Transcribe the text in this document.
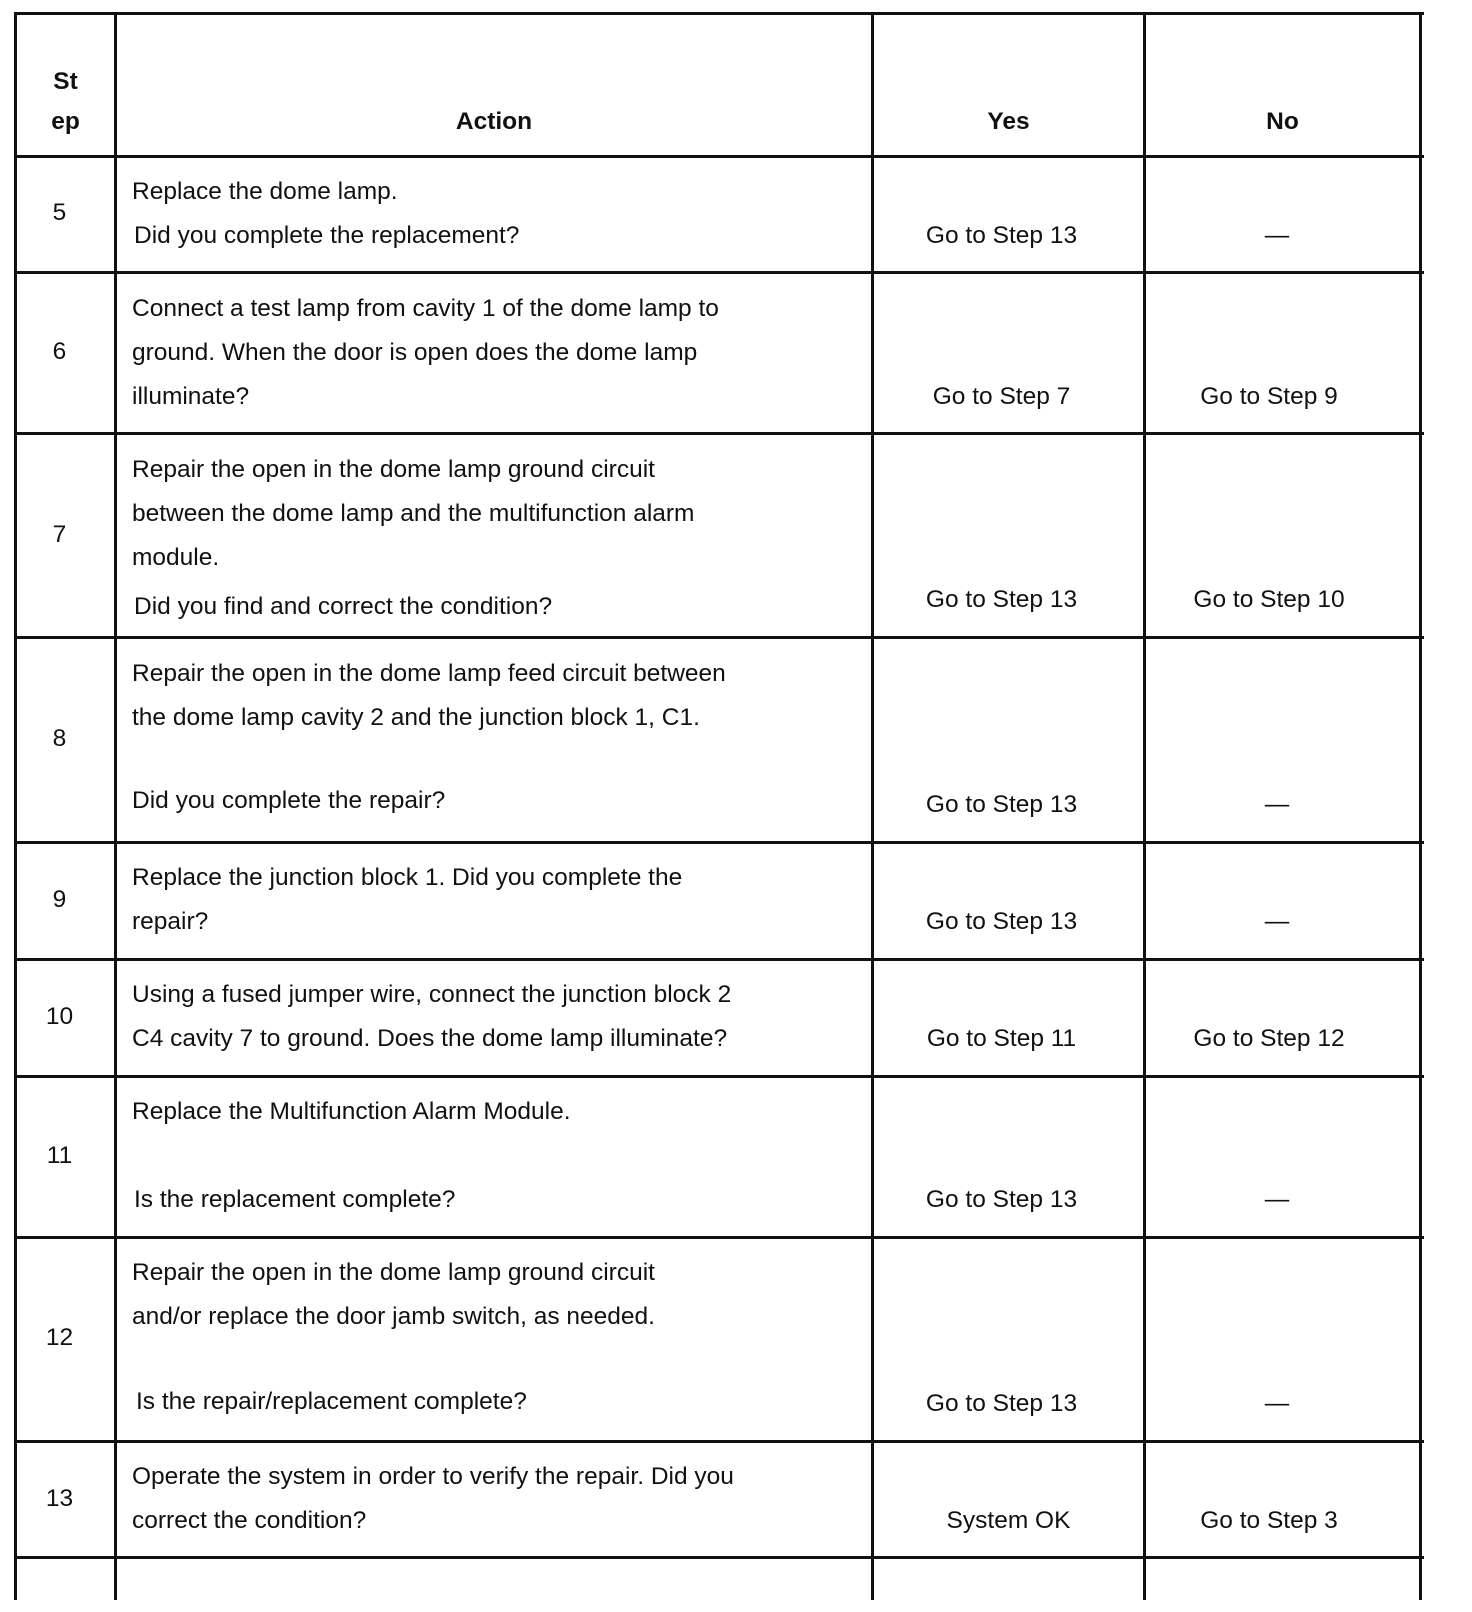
St
ep	Action	Yes	No
5
Replace the dome lamp.
Did you complete the replacement?	Go to Step 13	—
6
Connect a test lamp from cavity 1 of the dome lamp to
ground. When the door is open does the dome lamp
illuminate?	Go to Step 7	Go to Step 9
7
Repair the open in the dome lamp ground circuit
between the dome lamp and the multifunction alarm
module.
Did you find and correct the condition?	Go to Step 13	Go to Step 10
8
Repair the open in the dome lamp feed circuit between
the dome lamp cavity 2 and the junction block 1, C1.
Did you complete the repair?	Go to Step 13	—
9
Replace the junction block 1. Did you complete the
repair?	Go to Step 13	—
10
Using a fused jumper wire, connect the junction block 2
C4 cavity 7 to ground. Does the dome lamp illuminate?	Go to Step 11	Go to Step 12
11
Replace the Multifunction Alarm Module.
Is the replacement complete?	Go to Step 13	—
12
Repair the open in the dome lamp ground circuit
and/or replace the door jamb switch, as needed.
Is the repair/replacement complete?	Go to Step 13	—
13
Operate the system in order to verify the repair. Did you
correct the condition?	System OK	Go to Step 3
